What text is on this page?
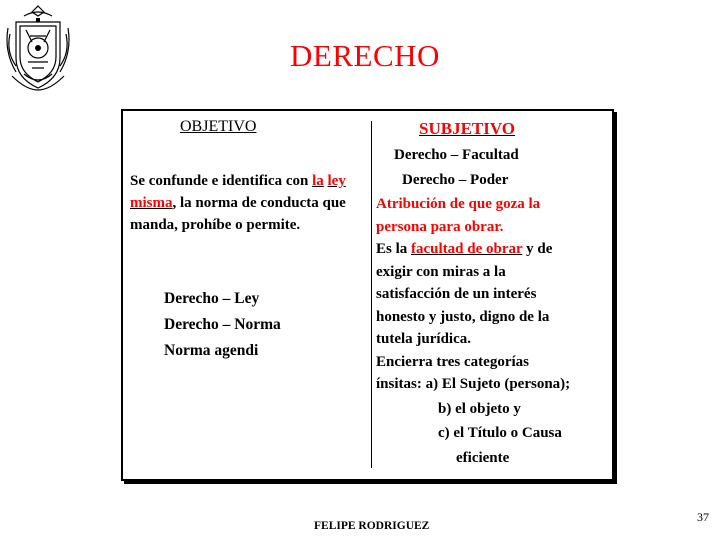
DERECHO
OBJETIVO	SUBJETIVO
Se confunde e identifica con la ley misma, la norma de conducta que manda, prohíbe o permite.
Derecho – Ley
Derecho – Norma
Norma agendi
Derecho – Facultad
Derecho – Poder
Atribución de que goza la
persona para obrar.
Es la facultad de obrar y de
exigir con miras a la
satisfacción de un interés
honesto y justo, digno de la
tutela jurídica.
Encierra tres categorías
ínsitas: a) El Sujeto (persona);
b) el objeto y
c) el Título o Causa
eficiente
FELIPE RODRIGUEZ
37
